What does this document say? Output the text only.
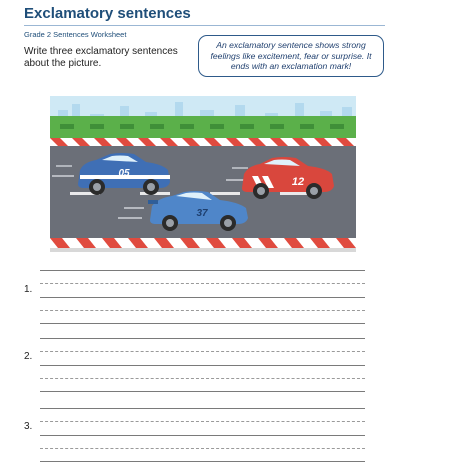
Exclamatory sentences
Grade 2 Sentences Worksheet
Write three exclamatory sentences about the picture.
An exclamatory sentence shows strong feelings like excitement, fear or surprise. It ends with an exclamation mark!
05
12
37
1.
2.
3.
